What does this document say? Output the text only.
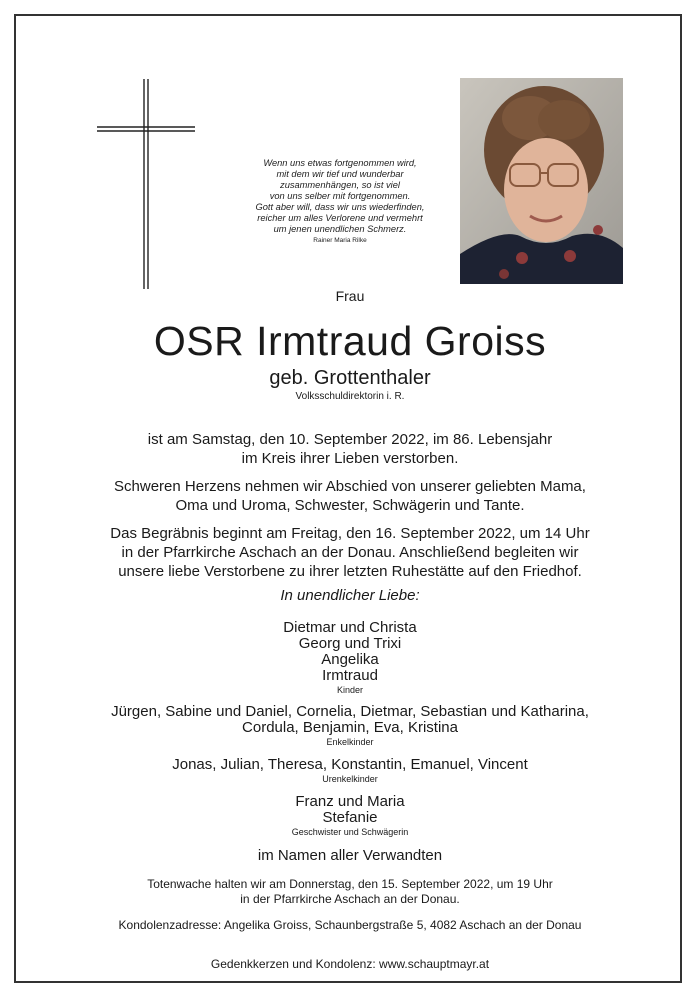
Wenn uns etwas fortgenommen wird,
mit dem wir tief und wunderbar
zusammenhängen, so ist viel
von uns selber mit fortgenommen.
Gott aber will, dass wir uns wiederfinden,
reicher um alles Verlorene und vermehrt
um jenen unendlichen Schmerz.
Rainer Maria Rilke
Frau
OSR Irmtraud Groiss
geb. Grottenthaler
Volksschuldirektorin i. R.
ist am Samstag, den 10. September 2022, im 86. Lebensjahr
im Kreis ihrer Lieben verstorben.
Schweren Herzens nehmen wir Abschied von unserer geliebten Mama,
Oma und Uroma, Schwester, Schwägerin und Tante.
Das Begräbnis beginnt am Freitag, den 16. September 2022, um 14 Uhr
in der Pfarrkirche Aschach an der Donau. Anschließend begleiten wir
unsere liebe Verstorbene zu ihrer letzten Ruhestätte auf den Friedhof.
In unendlicher Liebe:
Dietmar und Christa
Georg und Trixi
Angelika
Irmtraud
Kinder
Jürgen, Sabine und Daniel, Cornelia, Dietmar, Sebastian und Katharina,
Cordula, Benjamin, Eva, Kristina
Enkelkinder
Jonas, Julian, Theresa, Konstantin, Emanuel, Vincent
Urenkelkinder
Franz und Maria
Stefanie
Geschwister und Schwägerin
im Namen aller Verwandten
Totenwache halten wir am Donnerstag, den 15. September 2022, um 19 Uhr
in der Pfarrkirche Aschach an der Donau.
Kondolenzadresse: Angelika Groiss, Schaunbergstraße 5, 4082 Aschach an der Donau
Gedenkkerzen und Kondolenz: www.schauptmayr.at
